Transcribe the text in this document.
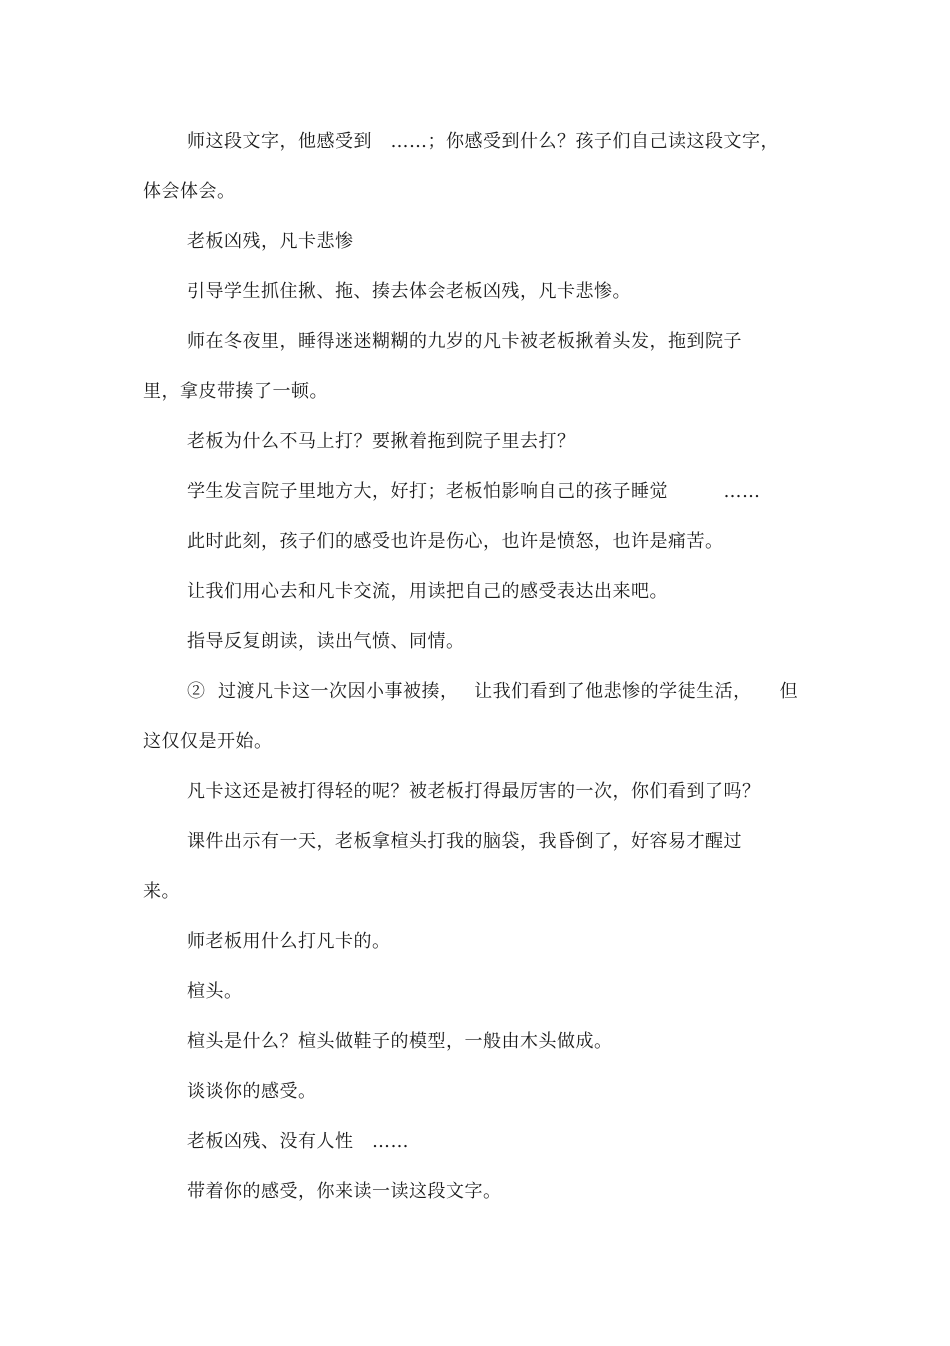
师这段文字，他感受到　……；你感受到什么？孩子们自己读这段文字，
体会体会。
老板凶残，凡卡悲惨
引导学生抓住揪、拖、揍去体会老板凶残，凡卡悲惨。
师在冬夜里，睡得迷迷糊糊的九岁的凡卡被老板揪着头发，拖到院子
里，拿皮带揍了一顿。
老板为什么不马上打？要揪着拖到院子里去打？
学生发言院子里地方大，好打；老板怕影响自己的孩子睡觉　　　……
此时此刻，孩子们的感受也许是伤心，也许是愤怒，也许是痛苦。
让我们用心去和凡卡交流，用读把自己的感受表达出来吧。
指导反复朗读，读出气愤、同情。
②  过渡凡卡这一次因小事被揍，　 让我们看到了他悲惨的学徒生活，　　但
这仅仅是开始。
凡卡这还是被打得轻的呢？被老板打得最厉害的一次，你们看到了吗？
课件出示有一天，老板拿楦头打我的脑袋，我昏倒了，好容易才醒过
来。
师老板用什么打凡卡的。
楦头。
楦头是什么？楦头做鞋子的模型，一般由木头做成。
谈谈你的感受。
老板凶残、没有人性　……
带着你的感受，你来读一读这段文字。
